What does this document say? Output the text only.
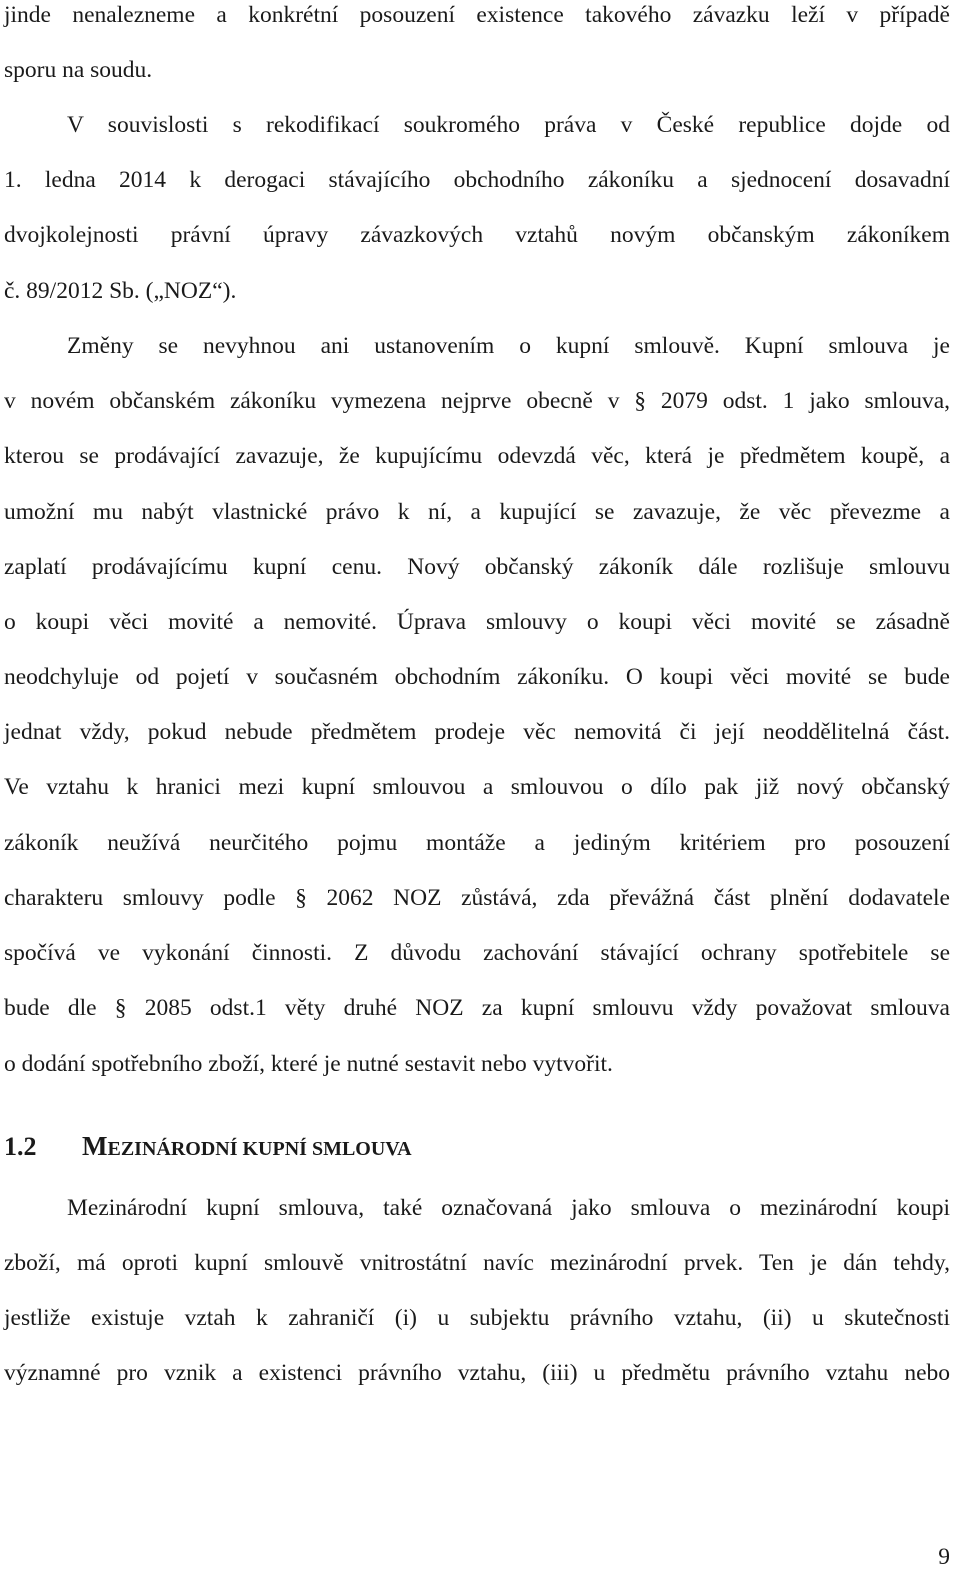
jinde nenalezneme a konkrétní posouzení existence takového závazku leží v případě
sporu na soudu.
V souvislosti s rekodifikací soukromého práva v České republice dojde od
1. ledna 2014 k derogaci stávajícího obchodního zákoníku a sjednocení dosavadní
dvojkolejnosti právní úpravy závazkových vztahů novým občanským zákoníkem
č. 89/2012 Sb. („NOZ“).
Změny se nevyhnou ani ustanovením o kupní smlouvě. Kupní smlouva je
v novém občanském zákoníku vymezena nejprve obecně v § 2079 odst. 1 jako smlouva,
kterou se prodávající zavazuje, že kupujícímu odevzdá věc, která je předmětem koupě, a
umožní mu nabýt vlastnické právo k ní, a kupující se zavazuje, že věc převezme a
zaplatí prodávajícímu kupní cenu. Nový občanský zákoník dále rozlišuje smlouvu
o koupi věci movité a nemovité. Úprava smlouvy o koupi věci movité se zásadně
neodchyluje od pojetí v současném obchodním zákoníku. O koupi věci movité se bude
jednat vždy, pokud nebude předmětem prodeje věc nemovitá či její neoddělitelná část.
Ve vztahu k hranici mezi kupní smlouvou a smlouvou o dílo pak již nový občanský
zákoník neužívá neurčitého pojmu montáže a jediným kritériem pro posouzení
charakteru smlouvy podle § 2062 NOZ zůstává, zda převážná část plnění dodavatele
spočívá ve vykonání činnosti. Z důvodu zachování stávající ochrany spotřebitele se
bude dle § 2085 odst.1 věty druhé NOZ za kupní smlouvu vždy považovat smlouva
o dodání spotřebního zboží, které je nutné sestavit nebo vytvořit.
1.2 MEZINÁRODNÍ KUPNÍ SMLOUVA
Mezinárodní kupní smlouva, také označovaná jako smlouva o mezinárodní koupi
zboží, má oproti kupní smlouvě vnitrostátní navíc mezinárodní prvek. Ten je dán tehdy,
jestliže existuje vztah k zahraničí (i) u subjektu právního vztahu, (ii) u skutečnosti
významné pro vznik a existenci právního vztahu, (iii) u předmětu právního vztahu nebo
9
